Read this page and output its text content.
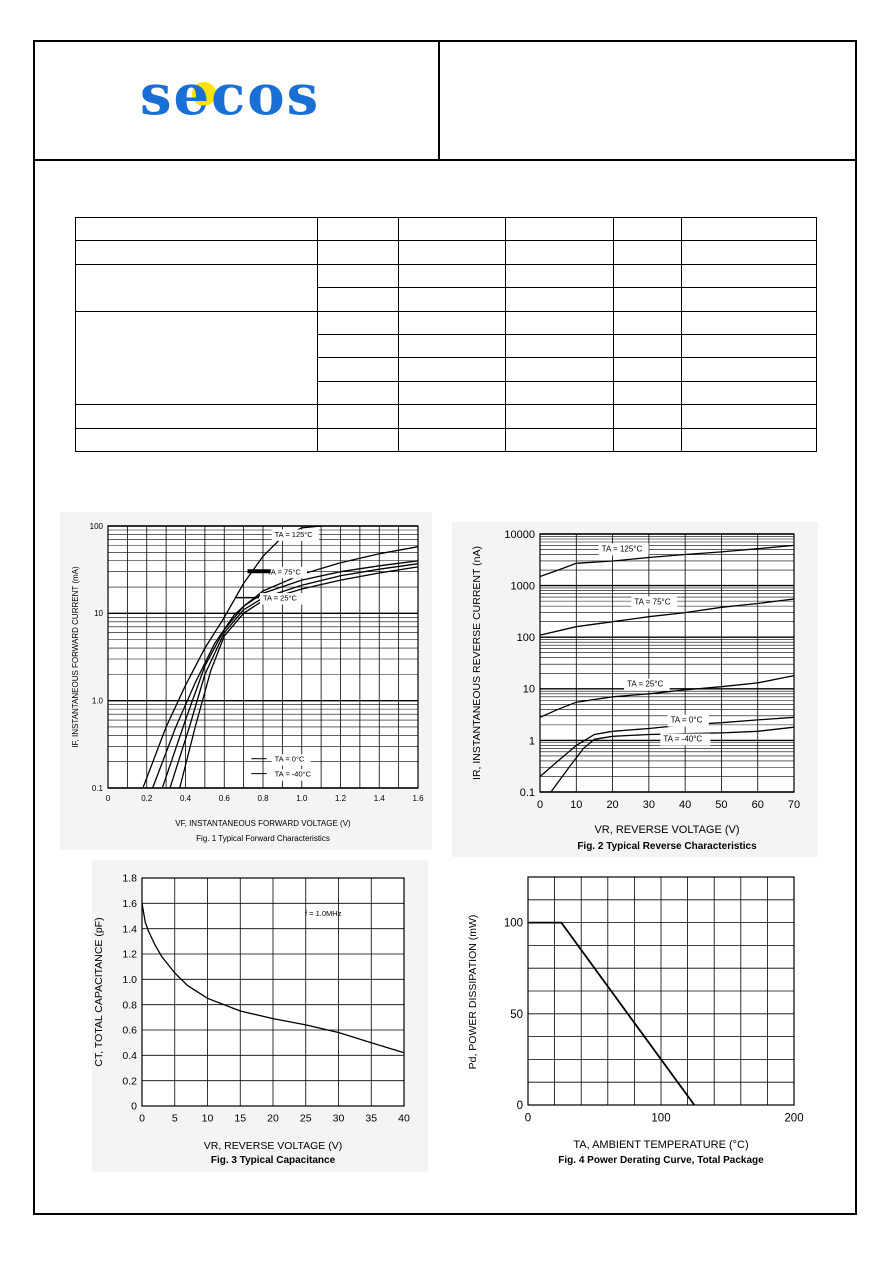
secos

0	0.2	0.4	0.6	0.8	1.0	1.2	1.4	1.6
0.1
1.0
10
100
TA = 125°C
TA = 75°C
TA = 25°C
TA = 0°C
TA = -40°C
VF, INSTANTANEOUS FORWARD VOLTAGE (V)
Fig. 1 Typical Forward Characteristics
IF, INSTANTANEOUS FORWARD CURRENT (mA)
0 10 20 30 40 50 60 70
0.1
1
10
100
1000
10000
TA = 125°C
TA = 75°C
TA = 25°C
TA = 0°C
TA = -40°C
VR, REVERSE VOLTAGE (V)
Fig. 2 Typical Reverse Characteristics
IR, INSTANTANEOUS REVERSE CURRENT (nA)
0	5 10 15 20 25 30 35 40
0
0.2
0.4
0.6
0.8
1.0
1.2
1.4
1.6
1.8
VR, REVERSE VOLTAGE (V)
Fig. 3 Typical Capacitance
CT, TOTAL CAPACITANCE (pF)
f = 1.0MHz
0	100	200
0
50
100
TA, AMBIENT TEMPERATURE (°C)
Fig. 4 Power Derating Curve, Total Package
Pd, POWER DISSIPATION (mW)
